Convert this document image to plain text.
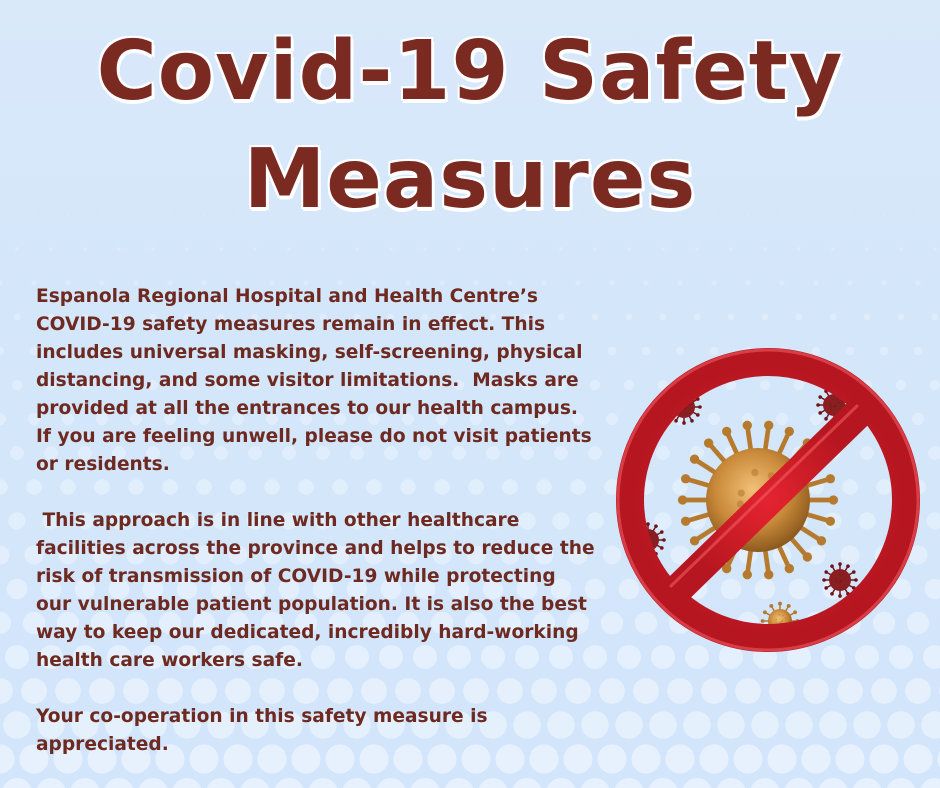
Covid-19 Safety
Measures

Espanola Regional Hospital and Health Centre’s COVID-19 safety measures remain in effect. This includes universal masking, self-screening, physical distancing, and some visitor limitations.  Masks are provided at all the entrances to our health campus.  If you are feeling unwell, please do not visit patients or residents.

This approach is in line with other healthcare facilities across the province and helps to reduce the risk of transmission of COVID-19 while protecting our vulnerable patient population. It is also the best way to keep our dedicated, incredibly hard-working health care workers safe.

Your co-operation in this safety measure is appreciated.
